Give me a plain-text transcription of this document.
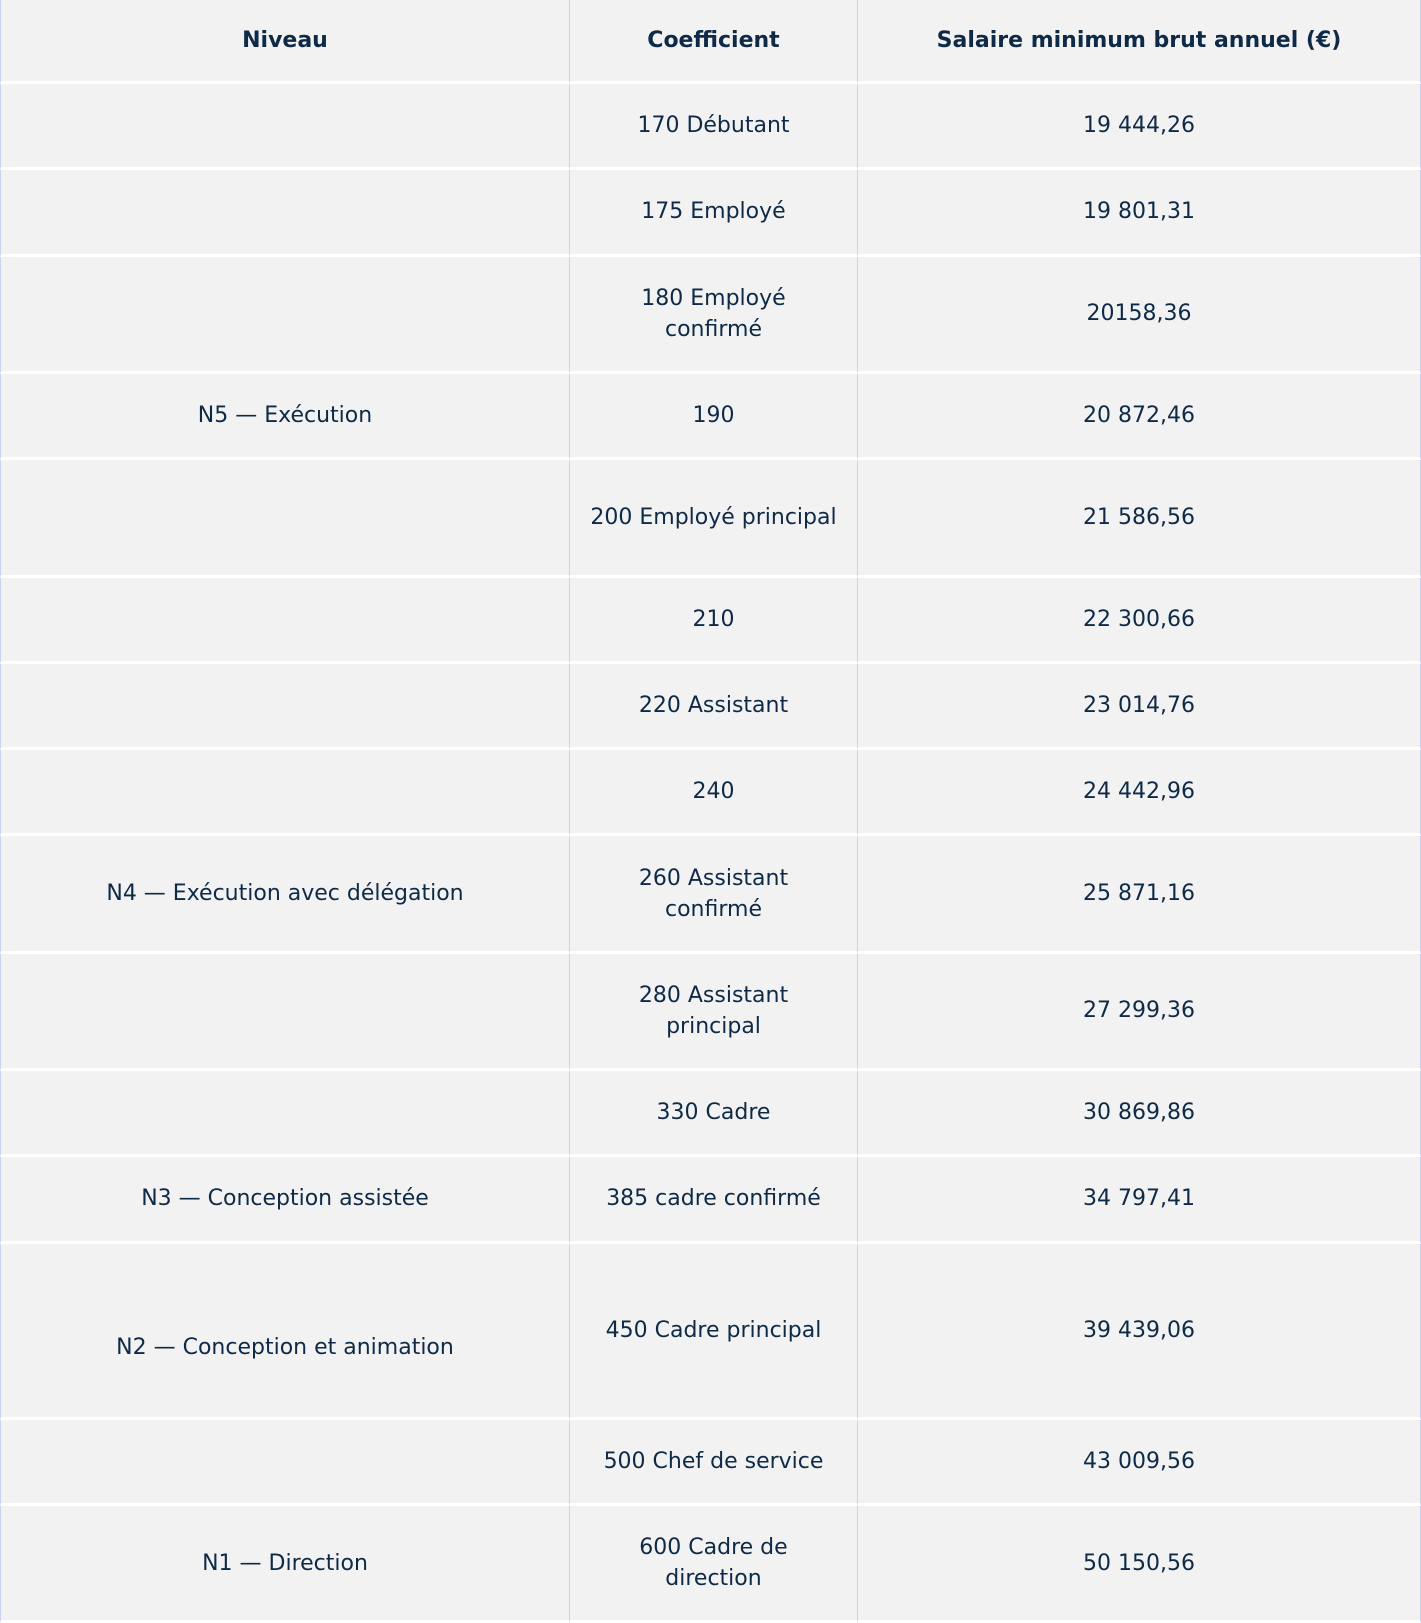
Niveau	Coefficient	Salaire minimum brut annuel (€)
	170 Débutant	19 444,26
	175 Employé	19 801,31
	180 Employé confirmé	20158,36
N5 — Exécution	190	20 872,46
	200 Employé principal	21 586,56
	210	22 300,66
	220 Assistant	23 014,76
	240	24 442,96
N4 — Exécution avec délégation	260 Assistant confirmé	25 871,16
	280 Assistant principal	27 299,36
	330 Cadre	30 869,86
N3 — Conception assistée	385 cadre confirmé	34 797,41
N2 — Conception et animation	450 Cadre principal	39 439,06
	500 Chef de service	43 009,56
N1 — Direction	600 Cadre de direction	50 150,56
